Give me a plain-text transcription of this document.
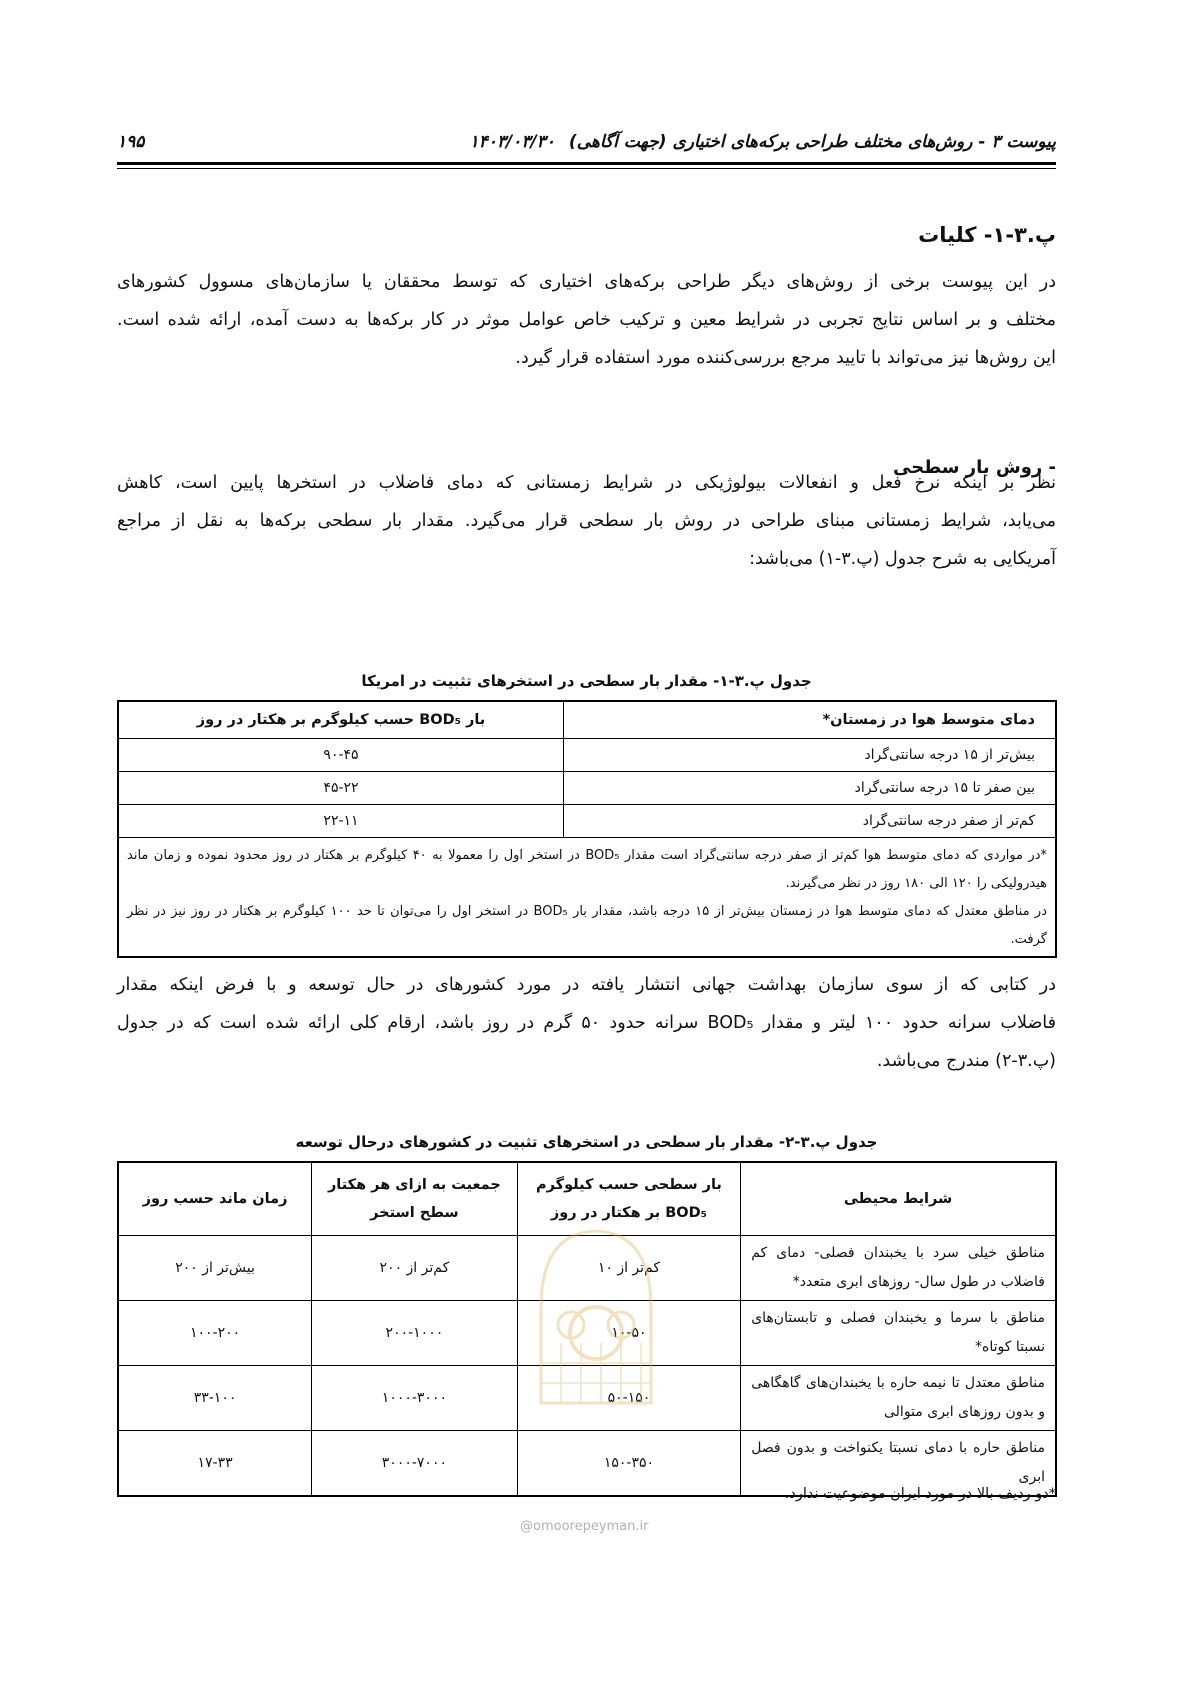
پیوست ۳ - روش‌های مختلف طراحی برکه‌های اختیاری (جهت آگاهی)۱۴۰۳/۰۳/۳۰
۱۹۵
پ.۳-۱- کلیات
در این پیوست برخی از روش‌های دیگر طراحی برکه‌های اختیاری که توسط محققان یا سازمان‌های مسوول کشورهای
مختلف و بر اساس نتایج تجربی در شرایط معین و ترکیب خاص عوامل موثر در کار برکه‌ها به دست آمده، ارائه شده است.
این روش‌ها نیز می‌تواند با تایید مرجع بررسی‌کننده مورد استفاده قرار گیرد.
- روش بار سطحی
نظر بر اینکه نرخ فعل و انفعالات بیولوژیکی در شرایط زمستانی که دمای فاضلاب در استخرها پایین است، کاهش
می‌یابد، شرایط زمستانی مبنای طراحی در روش بار سطحی قرار می‌گیرد. مقدار بار سطحی برکه‌ها به نقل از مراجع
آمریکایی به شرح جدول (پ.۳-۱) می‌باشد:
جدول پ.۳-۱- مقدار بار سطحی در استخرهای تثبیت در امریکا
دمای متوسط هوا در زمستان*	بار BOD₅ حسب کیلوگرم بر هکتار در روز
بیش‌تر از ۱۵ درجه سانتی‌گراد	۹۰-۴۵
بین صفر تا ۱۵ درجه سانتی‌گراد	۴۵-۲۲
کم‌تر از صفر درجه سانتی‌گراد	۲۲-۱۱

*در مواردی که دمای متوسط هوا کم‌تر از صفر درجه سانتی‌گراد است مقدار BOD₅ در استخر اول را معمولا به ۴۰ کیلوگرم بر هکتار در روز محدود نموده و زمان ماند هیدرولیکی را ۱۲۰ الی ۱۸۰ روز در نظر می‌گیرند.
در مناطق معتدل که دمای متوسط هوا در زمستان بیش‌تر از ۱۵ درجه باشد، مقدار بار BOD₅ در استخر اول را می‌توان تا حد ۱۰۰ کیلوگرم بر هکتار در روز نیز در نظر گرفت.	
در کتابی که از سوی سازمان بهداشت جهانی انتشار یافته در مورد کشورهای در حال توسعه و با فرض اینکه مقدار
فاضلاب سرانه حدود ۱۰۰ لیتر و مقدار BOD₅ سرانه حدود ۵۰ گرم در روز باشد، ارقام کلی ارائه شده است که در جدول
(پ.۳-۲) مندرج می‌باشد.
جدول پ.۳-۲- مقدار بار سطحی در استخرهای تثبیت در کشورهای درحال توسعه
شرایط محیطی	بار سطحی حسب کیلوگرم BOD₅ بر هکتار در روز	جمعیت به ازای هر هکتار سطح استخر	زمان ماند حسب روز
مناطق خیلی سرد با یخبندان فصلی- دمای کم فاضلاب در طول سال- روزهای ابری متعدد*	کم‌تر از ۱۰	کم‌تر از ۲۰۰	بیش‌تر از ۲۰۰
مناطق با سرما و یخبندان فصلی و تابستان‌های نسبتا کوتاه*	۱۰-۵۰	۲۰۰-۱۰۰۰	۱۰۰-۲۰۰
مناطق معتدل تا نیمه حاره با یخبندان‌های گاهگاهی و بدون روزهای ابری متوالی	۵۰-۱۵۰	۱۰۰۰-۳۰۰۰	۳۳-۱۰۰
مناطق حاره با دمای نسبتا یکنواخت و بدون فصل ابری	۱۵۰-۳۵۰	۳۰۰۰-۷۰۰۰	۱۷-۳۳
*دو ردیف بالا در مورد ایران موضوعیت ندارد.
@omoorepeyman.ir
